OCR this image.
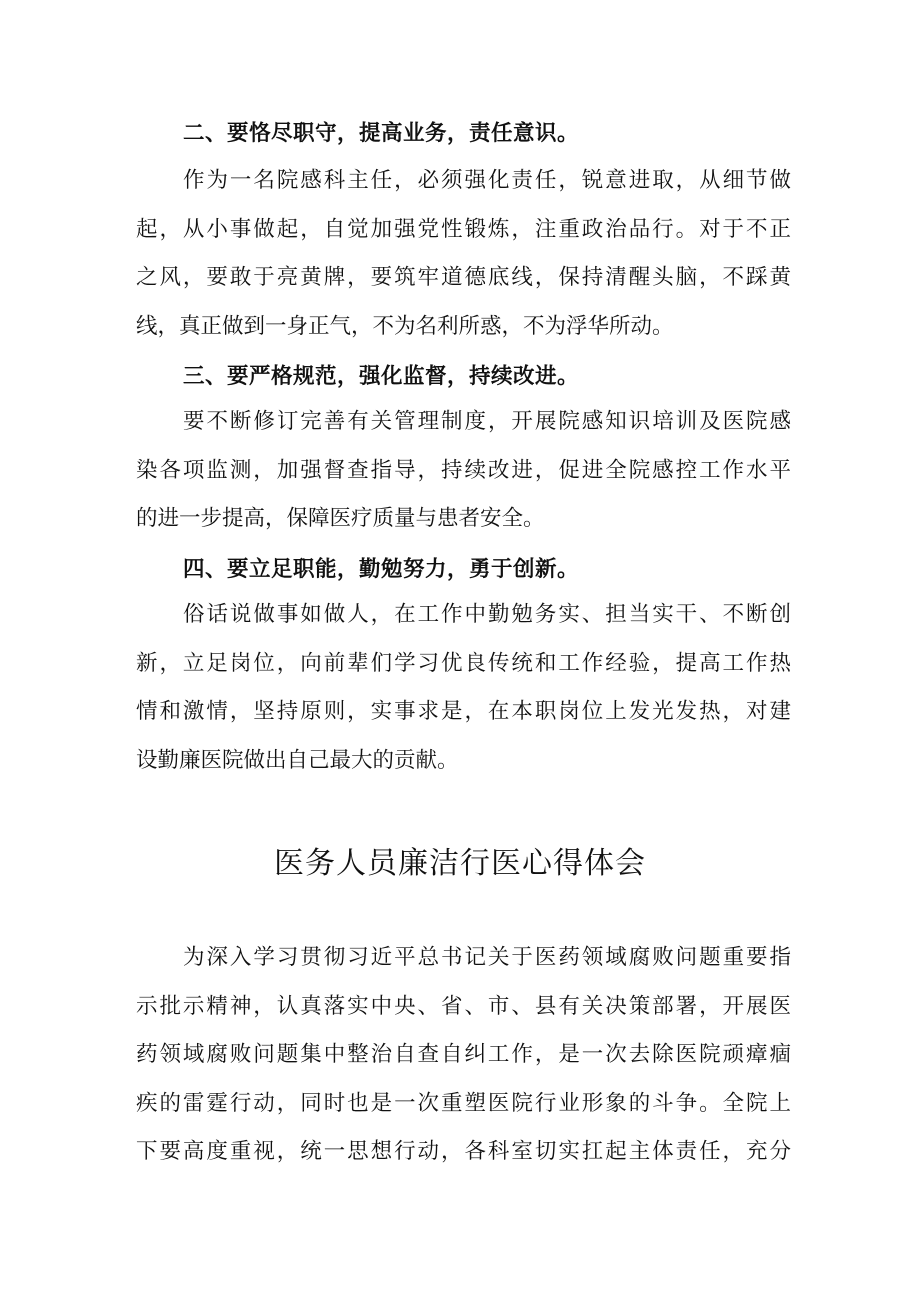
二、要恪尽职守，提高业务，责任意识。
作为一名院感科主任，必须强化责任，锐意进取，从细节做
起，从小事做起，自觉加强党性锻炼，注重政治品行。对于不正
之风，要敢于亮黄牌，要筑牢道德底线，保持清醒头脑，不踩黄
线，真正做到一身正气，不为名利所惑，不为浮华所动。
三、要严格规范，强化监督，持续改进。
要不断修订完善有关管理制度，开展院感知识培训及医院感
染各项监测，加强督查指导，持续改进，促进全院感控工作水平
的进一步提高，保障医疗质量与患者安全。
四、要立足职能，勤勉努力，勇于创新。
俗话说做事如做人，在工作中勤勉务实、担当实干、不断创
新，立足岗位，向前辈们学习优良传统和工作经验，提高工作热
情和激情，坚持原则，实事求是，在本职岗位上发光发热，对建
设勤廉医院做出自己最大的贡献。
医务人员廉洁行医心得体会
为深入学习贯彻习近平总书记关于医药领域腐败问题重要指
示批示精神，认真落实中央、省、市、县有关决策部署，开展医
药领域腐败问题集中整治自查自纠工作，是一次去除医院顽瘴痼
疾的雷霆行动，同时也是一次重塑医院行业形象的斗争。全院上
下要高度重视，统一思想行动，各科室切实扛起主体责任，充分
